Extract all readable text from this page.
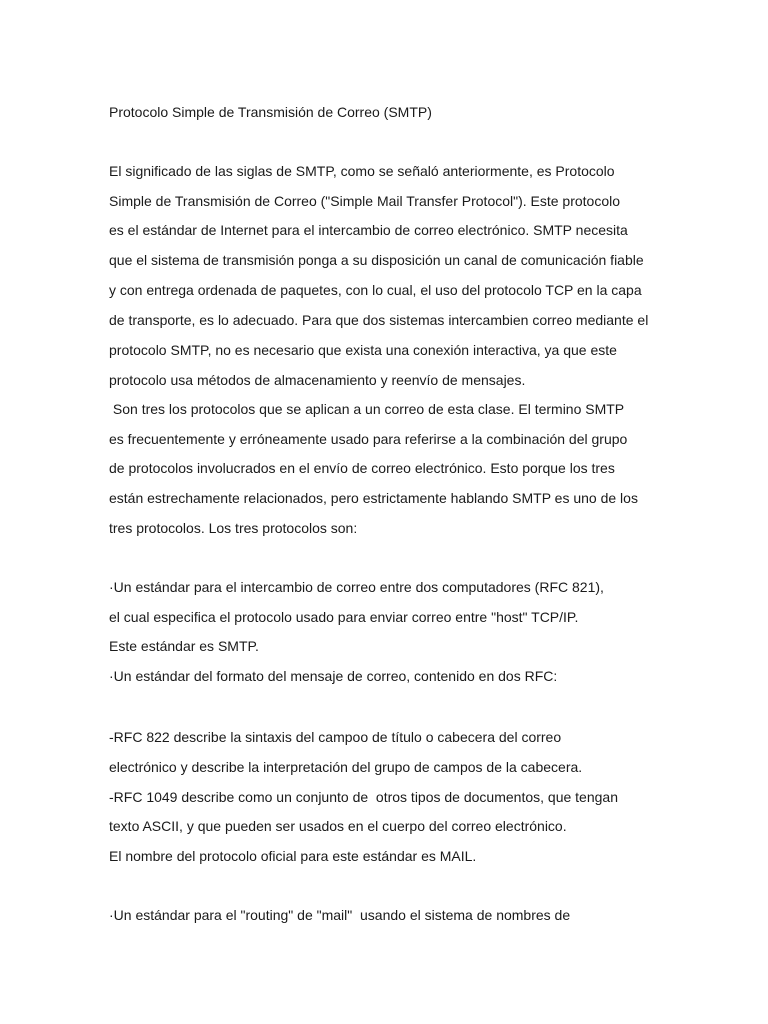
Protocolo Simple de Transmisión de Correo (SMTP)
El significado de las siglas de SMTP, como se señaló anteriormente, es Protocolo
Simple de Transmisión de Correo ("Simple Mail Transfer Protocol"). Este protocolo
es el estándar de Internet para el intercambio de correo electrónico. SMTP necesita
que el sistema de transmisión ponga a su disposición un canal de comunicación fiable
y con entrega ordenada de paquetes, con lo cual, el uso del protocolo TCP en la capa
de transporte, es lo adecuado. Para que dos sistemas intercambien correo mediante el
protocolo SMTP, no es necesario que exista una conexión interactiva, ya que este
protocolo usa métodos de almacenamiento y reenvío de mensajes.
Son tres los protocolos que se aplican a un correo de esta clase. El termino SMTP
es frecuentemente y erróneamente usado para referirse a la combinación del grupo
de protocolos involucrados en el envío de correo electrónico. Esto porque los tres
están estrechamente relacionados, pero estrictamente hablando SMTP es uno de los
tres protocolos. Los tres protocolos son:
·Un estándar para el intercambio de correo entre dos computadores (RFC 821),
el cual especifica el protocolo usado para enviar correo entre "host" TCP/IP.
Este estándar es SMTP.
·Un estándar del formato del mensaje de correo, contenido en dos RFC:
-RFC 822 describe la sintaxis del campoo de título o cabecera del correo
electrónico y describe la interpretación del grupo de campos de la cabecera.
-RFC 1049 describe como un conjunto de  otros tipos de documentos, que tengan
texto ASCII, y que pueden ser usados en el cuerpo del correo electrónico.
El nombre del protocolo oficial para este estándar es MAIL.
·Un estándar para el "routing" de "mail"  usando el sistema de nombres de
